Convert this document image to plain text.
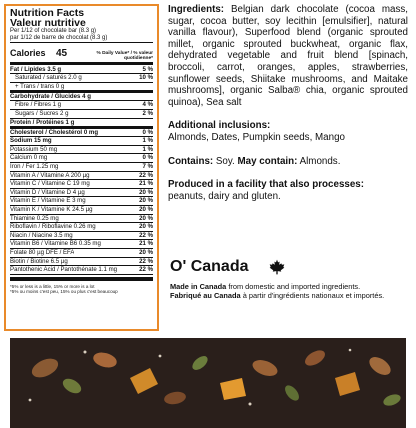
Nutrition Facts
Valeur nutritive
Per 1/12 of chocolate bar (8.3 g)
par 1/12 de barre de chocolat (8.3 g)
Calories 45	% Daily Value* / % valeur quotidienne*
Fat / Lipides 3.5 g	5 %
Saturated / saturés 2.0 g	10 %
+ Trans / trans 0 g
Carbohydrate / Glucides 4 g
Fibre / Fibres 1 g	4 %
Sugars / Sucres 2 g	2 %
Protein / Protéines 1 g
Cholesterol / Cholestérol 0 mg	0 %
Sodium 15 mg	1 %
Potassium 50 mg	1 %
Calcium 0 mg	0 %
Iron / Fer 1.25 mg	7 %
Vitamin A / Vitamine A 200 µg	22 %
Vitamin C / Vitamine C 19 mg	21 %
Vitamin D / Vitamine D 4 µg	20 %
Vitamin E / Vitamine E 3 mg	20 %
Vitamin K / Vitamine K 24.5 µg	20 %
Thiamine 0.25 mg	20 %
Riboflavin / Riboflavine 0.26 mg	20 %
Niacin / Niacine 3.5 mg	22 %
Vitamin B6 / Vitamine B6 0.35 mg	21 %
Folate 80 µg DFE / ÉFA	20 %
Biotin / Biotine 6.5 µg	22 %
Pantothenic Acid / Pantothénate 1.1 mg	22 %
*5% or less is a little, 15% or more is a lot
*5% ou moins c'est peu, 15% ou plus c'est beaucoup

Ingredients: Belgian dark chocolate (cocoa mass, sugar, cocoa butter, soy lecithin [emulsifier], natural vanilla flavour), Superfood blend (organic sprouted millet, organic sprouted buckwheat, organic flax, dehydrated vegetable and fruit blend [spinach, broccoli, carrot, oranges, apples, strawberries, sunflower seeds, Shiitake mushrooms, and Maitake mushrooms], organic Salba® chia, organic sprouted quinoa), Sea salt

Additional inclusions:

Almonds, Dates, Pumpkin seeds, Mango

Contains: Soy. May contain: Almonds.

Produced in a facility that also processes:

peanuts, dairy and gluten.

O' Canada
Made in Canada from domestic and imported ingredients.
Fabriqué au Canada à partir d'ingrédients nationaux et importés.
